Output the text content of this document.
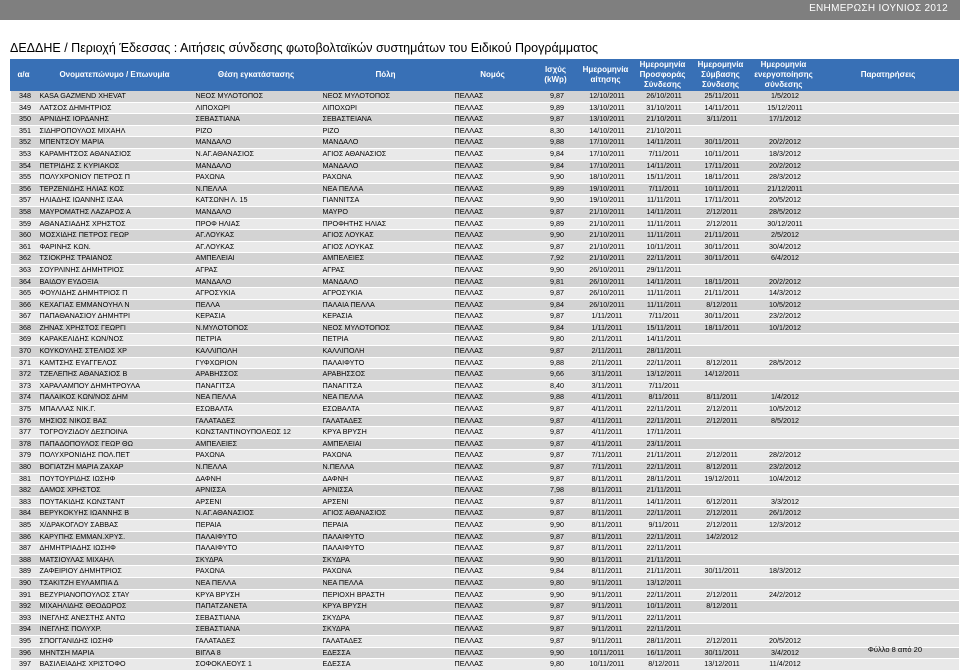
ΕΝΗΜΕΡΩΣΗ ΙΟΥΝΙΟΣ 2012
ΔΕΔΔΗΕ / Περιοχή Έδεσσας : Αιτήσεις σύνδεσης φωτοβολταϊκών συστημάτων του Ειδικού Προγράμματος
α/α	Ονοματεπώνυμο / Επωνυμία	Θέση εγκατάστασης	Πόλη	Νομός	Ισχύς (kWp)	Ημερομηνία αίτησης	Ημερομηνία Προσφοράς Σύνδεσης	Ημερομηνία Σύμβασης Σύνδεσης	Ημερομηνία ενεργοποίησης σύνδεσης	Παρατηρήσεις
348	KASA GAZMEND XHEVAT	ΝΕΟΣ ΜΥΛΟΤΟΠΟΣ	ΝΕΟΣ ΜΥΛΟΤΟΠΟΣ	ΠΕΛΛΑΣ	9,87	12/10/2011	26/10/2011	25/11/2011	1/5/2012	
349	ΛΑΤΣΟΣ ΔΗΜΗΤΡΙΟΣ	ΛΙΠΟΧΩΡΙ	ΛΙΠΟΧΩΡΙ	ΠΕΛΛΑΣ	9,89	13/10/2011	31/10/2011	14/11/2011	15/12/2011	
350	ΑΡΝΙΔΗΣ ΙΟΡΔΑΝΗΣ	ΣΕΒΑΣΤΙΑΝΑ	ΣΕΒΑΣΤΕΙΑΝΑ	ΠΕΛΛΑΣ	9,87	13/10/2011	21/10/2011	3/11/2011	17/1/2012	
351	ΣΙΔΗΡΟΠΟΥΛΟΣ ΜΙΧΑΗΛ	ΡΙΖΟ	ΡΙΖΟ	ΠΕΛΛΑΣ	8,30	14/10/2011	21/10/2011			
352	ΜΠΕΝΤΣΟΥ ΜΑΡΙΑ	ΜΑΝΔΑΛΟ	ΜΑΝΔΑΛΟ	ΠΕΛΛΑΣ	9,88	17/10/2011	14/11/2011	30/11/2011	20/2/2012	
353	ΚΑΡΑΜΗΤΣΟΣ ΑΘΑΝΑΣΙΟΣ	Ν.ΑΓ.ΑΘΑΝΑΣΙΟΣ	ΑΓΙΟΣ ΑΘΑΝΑΣΙΟΣ	ΠΕΛΛΑΣ	9,84	17/10/2011	7/11/2011	10/11/2011	18/3/2012	
354	ΠΕΤΡΙΔΗΣ Σ ΚΥΡΙΑΚΟΣ	ΜΑΝΔΑΛΟ	ΜΑΝΔΑΛΟ	ΠΕΛΛΑΣ	9,84	17/10/2011	14/11/2011	17/11/2011	20/2/2012	
355	ΠΟΛΥΧΡΟΝΙΟΥ ΠΕΤΡΟΣ Π	ΡΑΧΩΝΑ	ΡΑΧΩΝΑ	ΠΕΛΛΑΣ	9,90	18/10/2011	15/11/2011	18/11/2011	28/3/2012	
356	ΤΕΡΖΕΝΙΔΗΣ ΗΛΙΑΣ ΚΟΣ	Ν.ΠΕΛΛΑ	ΝΕΑ ΠΕΛΛΑ	ΠΕΛΛΑΣ	9,89	19/10/2011	7/11/2011	10/11/2011	21/12/2011	
357	ΗΛΙΑΔΗΣ ΙΩΑΝΝΗΣ ΙΣΑΑ	ΚΑΤΣΩΝΗ Λ. 15	ΓΙΑΝΝΙΤΣΑ	ΠΕΛΛΑΣ	9,90	19/10/2011	11/11/2011	17/11/2011	20/5/2012	
358	ΜΑΥΡΟΜΑΤΗΣ ΛΑΖΑΡΟΣ Α	ΜΑΝΔΑΛΟ	ΜΑΥΡΟ	ΠΕΛΛΑΣ	9,87	21/10/2011	14/11/2011	2/12/2011	28/5/2012	
359	ΑΘΑΝΑΣΙΑΔΗΣ ΧΡΗΣΤΟΣ	ΠΡΟΦ ΗΛΙΑΣ	ΠΡΟΦΗΤΗΣ ΗΛΙΑΣ	ΠΕΛΛΑΣ	9,89	21/10/2011	11/11/2011	2/12/2011	30/12/2011	
360	ΜΟΣΧΙΔΗΣ ΠΕΤΡΟΣ ΓΕΩΡ	ΑΓ.ΛΟΥΚΑΣ	ΑΓΙΟΣ ΛΟΥΚΑΣ	ΠΕΛΛΑΣ	9,90	21/10/2011	11/11/2011	21/11/2011	2/5/2012	
361	ΦΑΡΙΝΗΣ ΚΩΝ.	ΑΓ.ΛΟΥΚΑΣ	ΑΓΙΟΣ ΛΟΥΚΑΣ	ΠΕΛΛΑΣ	9,87	21/10/2011	10/11/2011	30/11/2011	30/4/2012	
362	ΤΣΙΟΚΡΗΣ ΤΡΑΙΑΝΟΣ	ΑΜΠΕΛΕΙΑΙ	ΑΜΠΕΛΕΙΕΣ	ΠΕΛΛΑΣ	7,92	21/10/2011	22/11/2011	30/11/2011	6/4/2012	
363	ΣΟΥΡΛΙΝΗΣ ΔΗΜΗΤΡΙΟΣ	ΑΓΡΑΣ	ΑΓΡΑΣ	ΠΕΛΛΑΣ	9,90	26/10/2011	29/11/2011			
364	ΒΑΙΔΟΥ ΕΥΔΟΞΙΑ	ΜΑΝΔΑΛΟ	ΜΑΝΔΑΛΟ	ΠΕΛΛΑΣ	9,81	26/10/2011	14/11/2011	18/11/2011	20/2/2012	
365	ΦΟΥΛΙΔΗΣ ΔΗΜΗΤΡΙΟΣ Π	ΑΓΡΟΣΥΚΙΑ	ΑΓΡΟΣΥΚΙΑ	ΠΕΛΛΑΣ	9,87	26/10/2011	11/11/2011	21/11/2011	14/3/2012	
366	ΚΕΧΑΓΙΑΣ ΕΜΜΑΝΟΥΗΛ Ν	ΠΕΛΛΑ	ΠΑΛΑΙΑ ΠΕΛΛΑ	ΠΕΛΛΑΣ	9,84	26/10/2011	11/11/2011	8/12/2011	10/5/2012	
367	ΠΑΠΑΘΑΝΑΣΙΟΥ ΔΗΜΗΤΡΙ	ΚΕΡΑΣΙΑ	ΚΕΡΑΣΙΑ	ΠΕΛΛΑΣ	9,87	1/11/2011	7/11/2011	30/11/2011	23/2/2012	
368	ΖΗΝΑΣ ΧΡΗΣΤΟΣ ΓΕΩΡΓΙ	Ν.ΜΥΛΟΤΟΠΟΣ	ΝΕΟΣ ΜΥΛΟΤΟΠΟΣ	ΠΕΛΛΑΣ	9,84	1/11/2011	15/11/2011	18/11/2011	10/1/2012	
369	ΚΑΡΑΚΕΛΙΔΗΣ ΚΩΝ/ΝΟΣ	ΠΕΤΡΙΑ	ΠΕΤΡΙΑ	ΠΕΛΛΑΣ	9,80	2/11/2011	14/11/2011			
370	ΚΟΥΚΟΥΛΗΣ ΣΤΕΛΙΟΣ ΧΡ	ΚΑΛΛΙΠΟΛΗ	ΚΑΛΛΙΠΟΛΗ	ΠΕΛΛΑΣ	9,87	2/11/2011	28/11/2011			
371	ΚΑΜΤΣΗΣ ΕΥΑΓΓΕΛΟΣ	ΓΥΦΧΩΡΙΟΝ	ΠΑΛΑΙΦΥΤΟ	ΠΕΛΛΑΣ	9,88	2/11/2011	22/11/2011	8/12/2011	28/5/2012	
372	ΤΖΕΛΕΠΗΣ ΑΘΑΝΑΣΙΟΣ Β	ΑΡΑΒΗΣΣΟΣ	ΑΡΑΒΗΣΣΟΣ	ΠΕΛΛΑΣ	9,66	3/11/2011	13/12/2011	14/12/2011		
373	ΧΑΡΑΛΑΜΠΟΥ ΔΗΜΗΤΡΟΥΛΑ	ΠΑΝΑΓΙΤΣΑ	ΠΑΝΑΓΙΤΣΑ	ΠΕΛΛΑΣ	8,40	3/11/2011	7/11/2011			
374	ΠΑΛΑΙΚΟΣ ΚΩΝ/ΝΟΣ ΔΗΜ	ΝΕΑ ΠΕΛΛΑ	ΝΕΑ ΠΕΛΛΑ	ΠΕΛΛΑΣ	9,88	4/11/2011	8/11/2011	8/11/2011	1/4/2012	
375	ΜΠΑΛΛΑΣ ΝΙΚ.Γ.	ΕΣΩΒΑΛΤΑ	ΕΣΩΒΑΛΤΑ	ΠΕΛΛΑΣ	9,87	4/11/2011	22/11/2011	2/12/2011	10/5/2012	
376	ΜΗΣΙΟΣ ΝΙΚΟΣ ΒΑΣ	ΓΑΛΑΤΑΔΕΣ	ΓΑΛΑΤΑΔΕΣ	ΠΕΛΛΑΣ	9,87	4/11/2011	22/11/2011	2/12/2011	8/5/2012	
377	ΤΟΓΡΟΥΖΙΔΟΥ ΔΕΣΠΟΙΝΑ	ΚΩΝΣΤΑΝΤΙΝΟΥΠΟΛΕΩΣ 12	ΚΡΥΑ ΒΡΥΣΗ	ΠΕΛΛΑΣ	9,87	4/11/2011	17/11/2011			
378	ΠΑΠΑΔΟΠΟΥΛΟΣ ΓΕΩΡ ΘΩ	ΑΜΠΕΛΕΙΕΣ	ΑΜΠΕΛΕΙΑΙ	ΠΕΛΛΑΣ	9,87	4/11/2011	23/11/2011			
379	ΠΟΛΥΧΡΟΝΙΔΗΣ ΠΟΛ.ΠΕΤ	ΡΑΧΩΝΑ	ΡΑΧΩΝΑ	ΠΕΛΛΑΣ	9,87	7/11/2011	21/11/2011	2/12/2011	28/2/2012	
380	ΒΟΓΙΑΤΖΗ ΜΑΡΙΑ ΖΑΧΑΡ	Ν.ΠΕΛΛΑ	Ν.ΠΕΛΛΑ	ΠΕΛΛΑΣ	9,87	7/11/2011	22/11/2011	8/12/2011	23/2/2012	
381	ΠΟΥΤΟΥΡΙΔΗΣ ΙΩΣΗΦ	ΔΑΦΝΗ	ΔΑΦΝΗ	ΠΕΛΛΑΣ	9,87	8/11/2011	28/11/2011	19/12/2011	10/4/2012	
382	ΔΑΜΟΣ ΧΡΗΣΤΟΣ	ΑΡΝΙΣΣΑ	ΑΡΝΙΣΣΑ	ΠΕΛΛΑΣ	7,98	8/11/2011	21/11/2011			
383	ΠΟΥΤΑΚΙΔΗΣ ΚΩΝΣΤΑΝΤ	ΑΡΣΕΝΙ	ΑΡΣΕΝΙ	ΠΕΛΛΑΣ	9,87	8/11/2011	14/11/2011	6/12/2011	3/3/2012	
384	ΒΕΡΥΚΟΚΥΗΣ ΙΩΑΝΝΗΣ Β	Ν.ΑΓ.ΑΘΑΝΑΣΙΟΣ	ΑΓΙΟΣ ΑΘΑΝΑΣΙΟΣ	ΠΕΛΛΑΣ	9,87	8/11/2011	22/11/2011	2/12/2011	26/1/2012	
385	Χ/ΔΡΑΚΟΓΛΟΥ ΣΑΒΒΑΣ	ΠΕΡΑΙΑ	ΠΕΡΑΙΑ	ΠΕΛΛΑΣ	9,90	8/11/2011	9/11/2011	2/12/2011	12/3/2012	
386	ΚΑΡΥΠΗΣ ΕΜΜΑΝ.ΧΡΥΣ.	ΠΑΛΑΙΦΥΤΟ	ΠΑΛΑΙΦΥΤΟ	ΠΕΛΛΑΣ	9,87	8/11/2011	22/11/2011	14/2/2012		
387	ΔΗΜΗΤΡΙΑΔΗΣ ΙΩΣΗΦ	ΠΑΛΑΙΦΥΤΟ	ΠΑΛΑΙΦΥΤΟ	ΠΕΛΛΑΣ	9,87	8/11/2011	22/11/2011			
388	ΜΑΤΣΙΟΥΛΑΣ ΜΙΧΑΗΛ	ΣΚΥΔΡΑ	ΣΚΥΔΡΑ	ΠΕΛΛΑΣ	9,90	8/11/2011	21/11/2011			
389	ΖΑΦΕΙΡΙΟΥ ΔΗΜΗΤΡΙΟΣ	ΡΑΧΩΝΑ	ΡΑΧΩΝΑ	ΠΕΛΛΑΣ	9,84	8/11/2011	21/11/2011	30/11/2011	18/3/2012	
390	ΤΣΑΚΙΤΖΗ ΕΥΛΑΜΠΙΑ Δ	ΝΕΑ ΠΕΛΛΑ	ΝΕΑ ΠΕΛΛΑ	ΠΕΛΛΑΣ	9,80	9/11/2011	13/12/2011			
391	ΒΕΖΥΡΙΑΝΟΠΟΥΛΟΣ ΣΤΑΥ	ΚΡΥΑ ΒΡΥΣΗ	ΠΕΡΙΟΧΗ ΒΡΑΣΤΗ	ΠΕΛΛΑΣ	9,90	9/11/2011	22/11/2011	2/12/2011	24/2/2012	
392	ΜΙΧΑΗΛΙΔΗΣ ΘΕΟΔΩΡΟΣ	ΠΑΠΑΤΖΑΝΕΤΑ	ΚΡΥΑ ΒΡΥΣΗ	ΠΕΛΛΑΣ	9,87	9/11/2011	10/11/2011	8/12/2011		
393	ΙΝΕΓΛΗΣ ΑΝΕΣΤΗΣ ΑΝΤΩ	ΣΕΒΑΣΤΙΑΝΑ	ΣΚΥΔΡΑ	ΠΕΛΛΑΣ	9,87	9/11/2011	22/11/2011			
394	ΙΝΕΓΛΗΣ ΠΟΛΥΧΡ.	ΣΕΒΑΣΤΙΑΝΑ	ΣΚΥΔΡΑ	ΠΕΛΛΑΣ	9,87	9/11/2011	22/11/2011			
395	ΣΠΟΓΓΑΝΙΔΗΣ ΙΩΣΗΦ	ΓΑΛΑΤΑΔΕΣ	ΓΑΛΑΤΑΔΕΣ	ΠΕΛΛΑΣ	9,87	9/11/2011	28/11/2011	2/12/2011	20/5/2012	
396	ΜΗΝΤΣΗ ΜΑΡΙΑ	ΒΙΓΛΑ 8	ΕΔΕΣΣΑ	ΠΕΛΛΑΣ	9,90	10/11/2011	16/11/2011	30/11/2011	3/4/2012	
397	ΒΑΣΙΛΕΙΑΔΗΣ ΧΡΙΣΤΟΦΟ	ΣΟΦΟΚΛΕΟΥΣ 1	ΕΔΕΣΣΑ	ΠΕΛΛΑΣ	9,80	10/11/2011	8/12/2011	13/12/2011	11/4/2012	
Φύλλο 8 από 20
